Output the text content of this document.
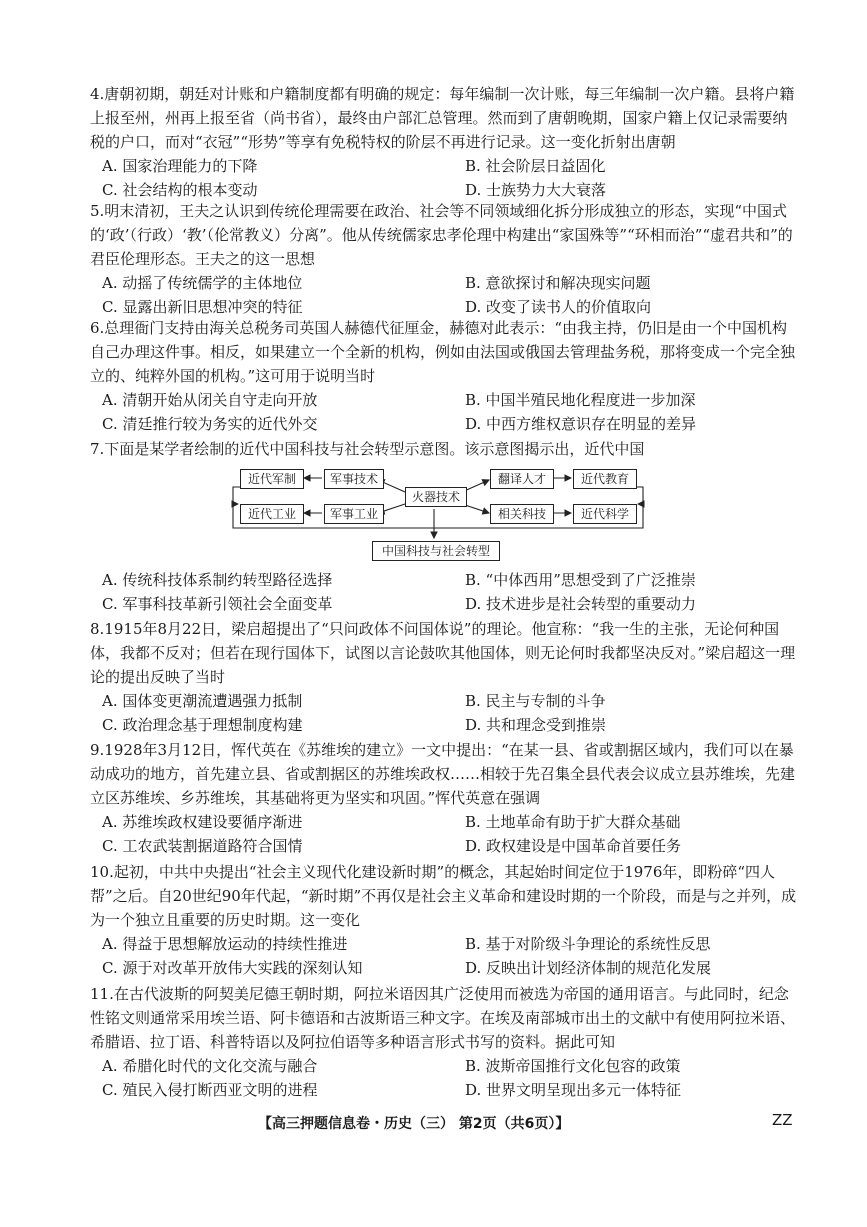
4.唐朝初期，朝廷对计账和户籍制度都有明确的规定：每年编制一次计账，每三年编制一次户籍。县将户籍上报至州，州再上报至省（尚书省），最终由户部汇总管理。然而到了唐朝晚期，国家户籍上仅记录需要纳税的户口，而对“衣冠”“形势”等享有免税特权的阶层不再进行记录。这一变化折射出唐朝
A. 国家治理能力的下降	B. 社会阶层日益固化
C. 社会结构的根本变动	D. 士族势力大大衰落
5.明末清初，王夫之认识到传统伦理需要在政治、社会等不同领域细化拆分形成独立的形态，实现“中国式的‘政’（行政）‘教’（伦常教义）分离”。他从传统儒家忠孝伦理中构建出“家国殊等”“环相而治”“虚君共和”的君臣伦理形态。王夫之的这一思想
A. 动摇了传统儒学的主体地位	B. 意欲探讨和解决现实问题
C. 显露出新旧思想冲突的特征	D. 改变了读书人的价值取向
6.总理衙门支持由海关总税务司英国人赫德代征厘金，赫德对此表示：“由我主持，仍旧是由一个中国机构自己办理这件事。相反，如果建立一个全新的机构，例如由法国或俄国去管理盐务税，那将变成一个完全独立的、纯粹外国的机构。”这可用于说明当时
A. 清朝开始从闭关自守走向开放	B. 中国半殖民地化程度进一步加深
C. 清廷推行较为务实的近代外交	D. 中西方维权意识存在明显的差异
7.下面是某学者绘制的近代中国科技与社会转型示意图。该示意图揭示出，近代中国
近代军制	军事技术
火器技术
翻译人才	近代教育
近代工业	军事工业	相关科技	近代科学
中国科技与社会转型
A. 传统科技体系制约转型路径选择	B. “中体西用”思想受到了广泛推崇
C. 军事科技革新引领社会全面变革	D. 技术进步是社会转型的重要动力
8.1915年8月22日，梁启超提出了“只问政体不问国体说”的理论。他宣称：“我一生的主张，无论何种国体，我都不反对；但若在现行国体下，试图以言论鼓吹其他国体，则无论何时我都坚决反对。”梁启超这一理论的提出反映了当时
A. 国体变更潮流遭遇强力抵制	B. 民主与专制的斗争
C. 政治理念基于理想制度构建	D. 共和理念受到推崇
9.1928年3月12日，恽代英在《苏维埃的建立》一文中提出：“在某一县、省或割据区域内，我们可以在暴动成功的地方，首先建立县、省或割据区的苏维埃政权……相较于先召集全县代表会议成立县苏维埃，先建立区苏维埃、乡苏维埃，其基础将更为坚实和巩固。”恽代英意在强调
A. 苏维埃政权建设要循序渐进	B. 土地革命有助于扩大群众基础
C. 工农武装割据道路符合国情	D. 政权建设是中国革命首要任务
10.起初，中共中央提出“社会主义现代化建设新时期”的概念，其起始时间定位于1976年，即粉碎“四人帮”之后。自20世纪90年代起，“新时期”不再仅是社会主义革命和建设时期的一个阶段，而是与之并列，成为一个独立且重要的历史时期。这一变化
A. 得益于思想解放运动的持续性推进	B. 基于对阶级斗争理论的系统性反思
C. 源于对改革开放伟大实践的深刻认知	D. 反映出计划经济体制的规范化发展
11.在古代波斯的阿契美尼德王朝时期，阿拉米语因其广泛使用而被选为帝国的通用语言。与此同时，纪念性铭文则通常采用埃兰语、阿卡德语和古波斯语三种文字。在埃及南部城市出土的文献中有使用阿拉米语、希腊语、拉丁语、科普特语以及阿拉伯语等多种语言形式书写的资料。据此可知
A. 希腊化时代的文化交流与融合	B. 波斯帝国推行文化包容的政策
C. 殖民入侵打断西亚文明的进程	D. 世界文明呈现出多元一体特征
【高三押题信息卷・历史（三） 第2页（共6页）】	ZZ
